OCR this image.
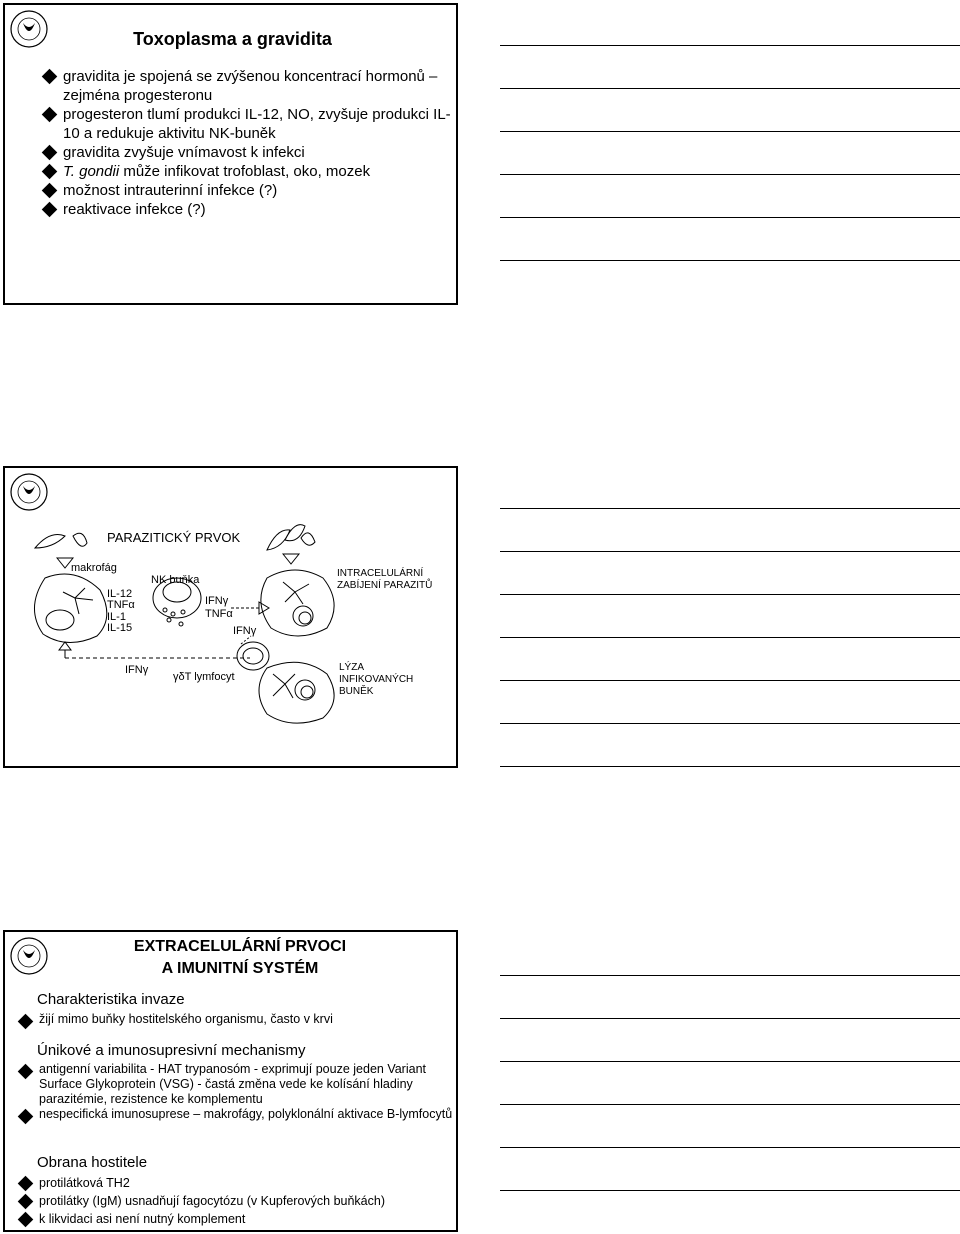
Toxoplasma a gravidita
gravidita je spojená se zvýšenou koncentrací hormonů – zejména progesteronu
progesteron tlumí produkci IL-12, NO, zvyšuje produkci IL-10 a redukuje aktivitu NK-buněk
gravidita zvyšuje vnímavost k infekci
T. gondii může infikovat trofoblast, oko, mozek
možnost intrauterinní infekce (?)
reaktivace infekce (?)
PARAZITICKÝ PRVOK
makrofág
IL-12
TNFα
IL-1
IL-15
NK buňka
IFNγ
TNFα
IFNγ
INTRACELULÁRNÍ
ZABÍJENÍ PARAZITŮ
IFNγ
γδT lymfocyt
LÝZA
INFIKOVANÝCH
BUNĚK
EXTRACELULÁRNÍ PRVOCI
A IMUNITNÍ SYSTÉM
Charakteristika invaze
žijí mimo buňky hostitelského organismu, často v krvi
Únikové a imunosupresivní mechanismy
antigenní variabilita - HAT trypanosóm - exprimují pouze jeden Variant Surface Glykoprotein (VSG) - častá změna vede ke kolísání hladiny parazitémie, rezistence ke komplementu
nespecifická imunosuprese – makrofágy, polyklonální aktivace B-lymfocytů
Obrana hostitele
protilátková TH2
protilátky (IgM) usnadňují fagocytózu (v Kupferových buňkách)
k likvidaci asi není nutný komplement
